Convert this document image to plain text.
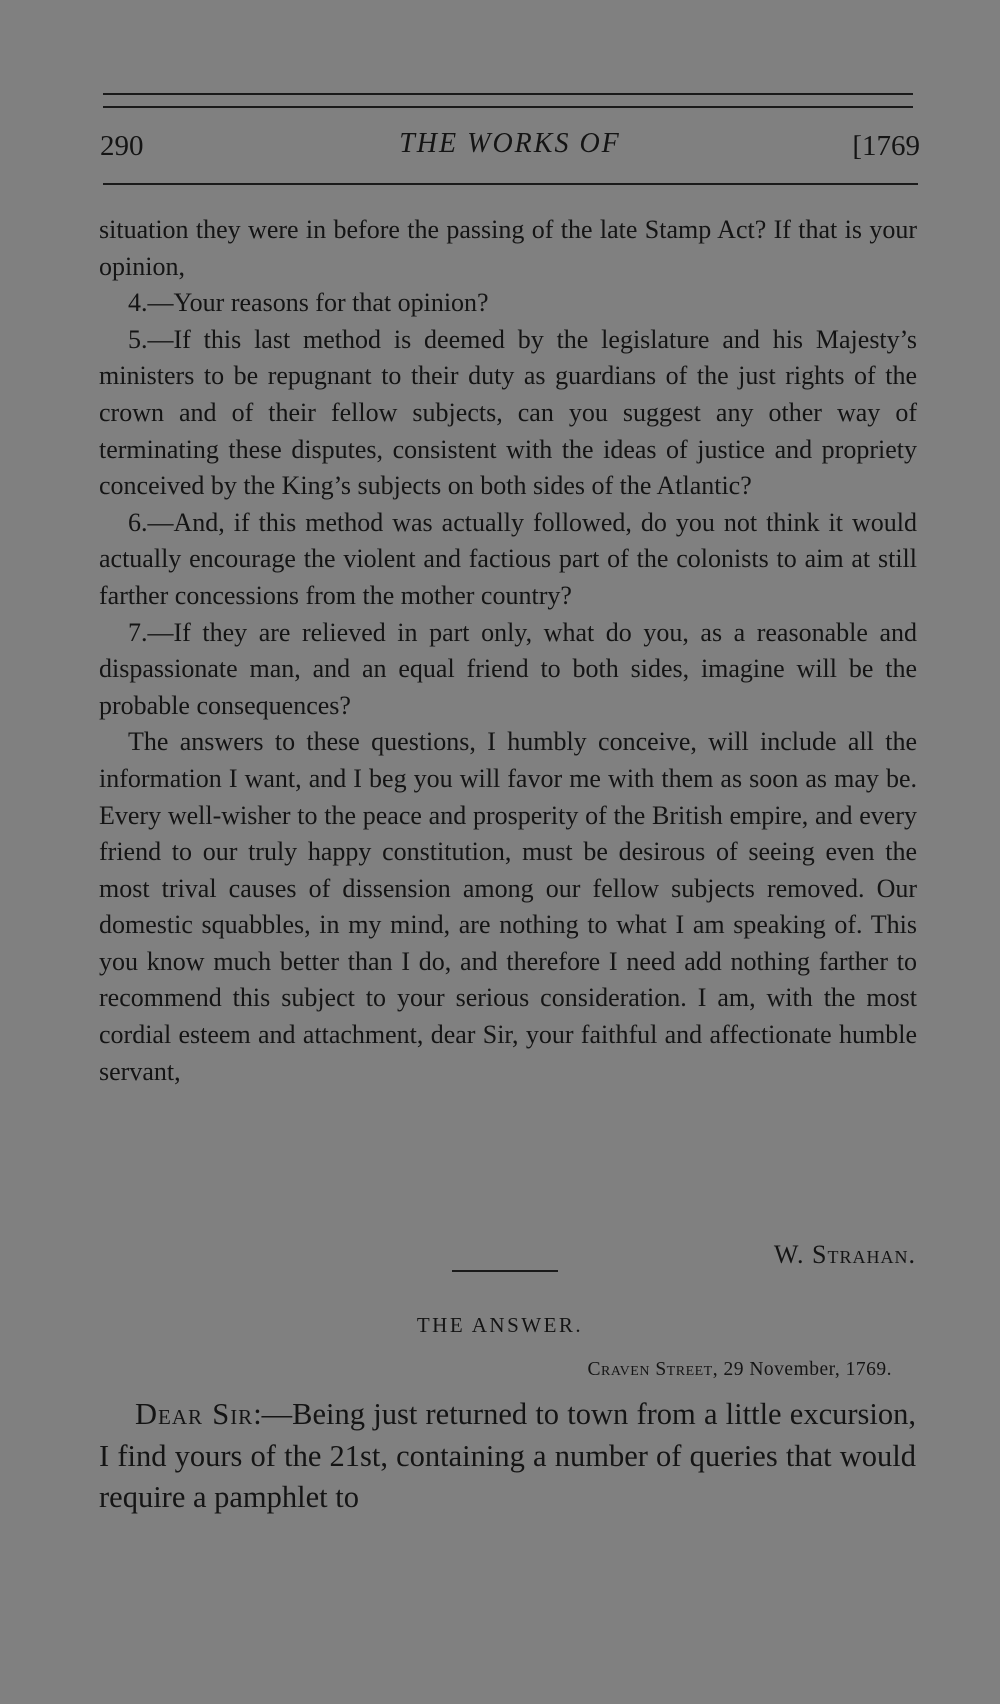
290	THE WORKS OF	[1769

situation they were in before the passing of the late Stamp Act? If that is your opinion,

4.—Your reasons for that opinion?

5.—If this last method is deemed by the legislature and his Majesty’s ministers to be repugnant to their duty as guardians of the just rights of the crown and of their fellow subjects, can you suggest any other way of terminating these disputes, consistent with the ideas of justice and propriety conceived by the King’s subjects on both sides of the Atlantic?

6.—And, if this method was actually followed, do you not think it would actually encourage the violent and factious part of the colonists to aim at still farther concessions from the mother country?

7.—If they are relieved in part only, what do you, as a reasonable and dispassionate man, and an equal friend to both sides, imagine will be the probable consequences?

The answers to these questions, I humbly conceive, will include all the information I want, and I beg you will favor me with them as soon as may be. Every well-wisher to the peace and prosperity of the British empire, and every friend to our truly happy constitution, must be desirous of seeing even the most trival causes of dissension among our fellow subjects removed. Our domestic squabbles, in my mind, are nothing to what I am speaking of. This you know much better than I do, and therefore I need add nothing farther to recommend this subject to your serious consideration. I am, with the most cordial esteem and attachment, dear Sir, your faithful and affectionate humble servant,

W. Strahan.
THE ANSWER.
Craven Street, 29 November, 1769.

Dear Sir:—Being just returned to town from a little excursion, I find yours of the 21st, containing a number of queries that would require a pamphlet to
